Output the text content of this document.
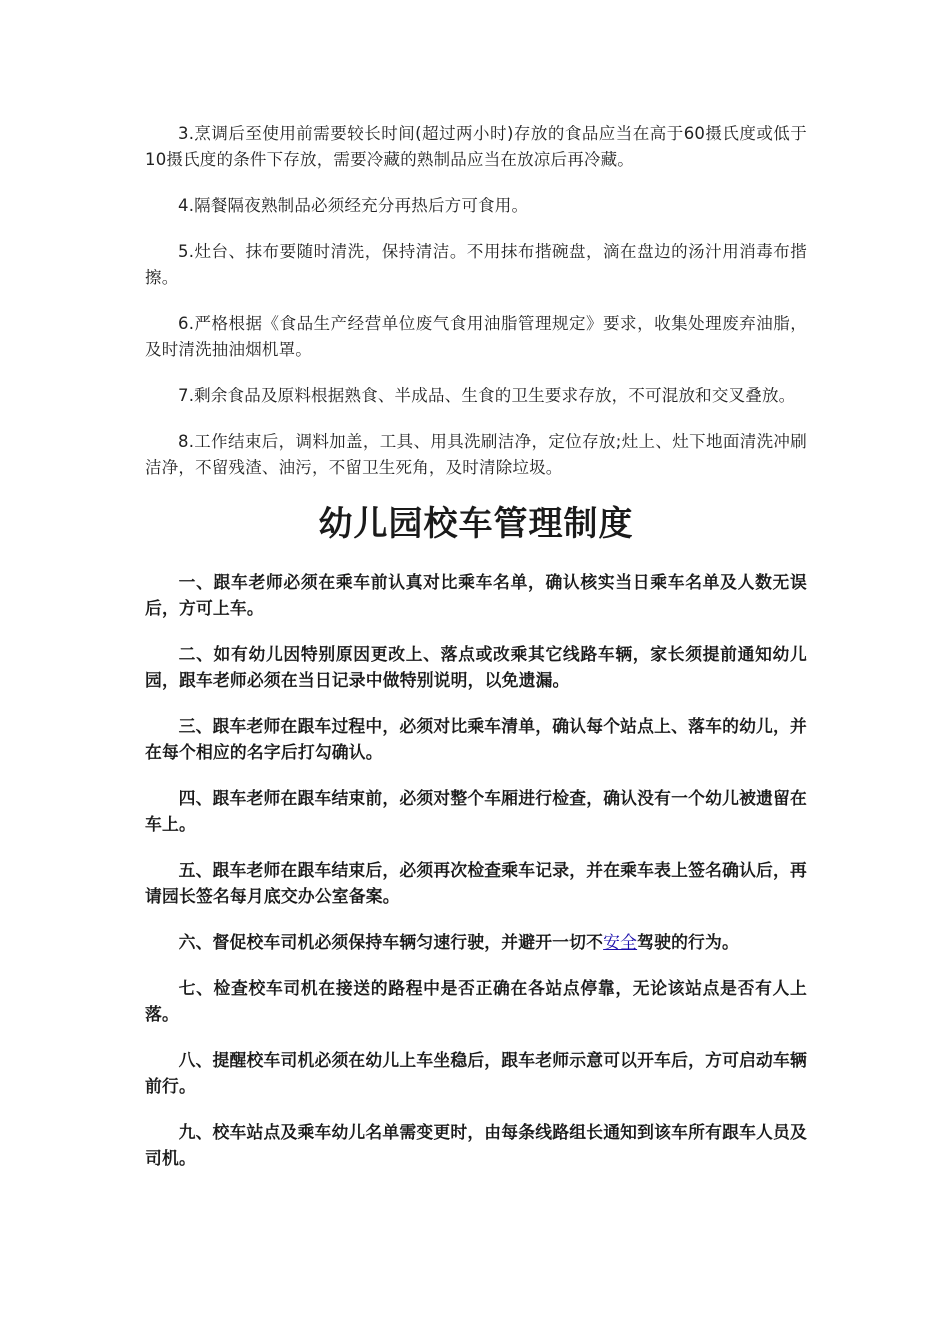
3.烹调后至使用前需要较长时间(超过两小时)存放的食品应当在高于60摄氏度或低于10摄氏度的条件下存放，需要冷藏的熟制品应当在放凉后再冷藏。

4.隔餐隔夜熟制品必须经充分再热后方可食用。

5.灶台、抹布要随时清洗，保持清洁。不用抹布揩碗盘，滴在盘边的汤汁用消毒布揩擦。

6.严格根据《食品生产经营单位废气食用油脂管理规定》要求，收集处理废弃油脂，及时清洗抽油烟机罩。

7.剩余食品及原料根据熟食、半成品、生食的卫生要求存放，不可混放和交叉叠放。

8.工作结束后，调料加盖，工具、用具洗刷洁净，定位存放;灶上、灶下地面清洗冲刷洁净，不留残渣、油污，不留卫生死角，及时清除垃圾。

幼儿园校车管理制度

一、跟车老师必须在乘车前认真对比乘车名单，确认核实当日乘车名单及人数无误后，方可上车。

二、如有幼儿因特别原因更改上、落点或改乘其它线路车辆，家长须提前通知幼儿园，跟车老师必须在当日记录中做特别说明，以免遗漏。

三、跟车老师在跟车过程中，必须对比乘车清单，确认每个站点上、落车的幼儿，并在每个相应的名字后打勾确认。

四、跟车老师在跟车结束前，必须对整个车厢进行检查，确认没有一个幼儿被遗留在车上。

五、跟车老师在跟车结束后，必须再次检查乘车记录，并在乘车表上签名确认后，再请园长签名每月底交办公室备案。

六、督促校车司机必须保持车辆匀速行驶，并避开一切不安全驾驶的行为。

七、检查校车司机在接送的路程中是否正确在各站点停靠，无论该站点是否有人上落。

八、提醒校车司机必须在幼儿上车坐稳后，跟车老师示意可以开车后，方可启动车辆前行。

九、校车站点及乘车幼儿名单需变更时，由每条线路组长通知到该车所有跟车人员及司机。
